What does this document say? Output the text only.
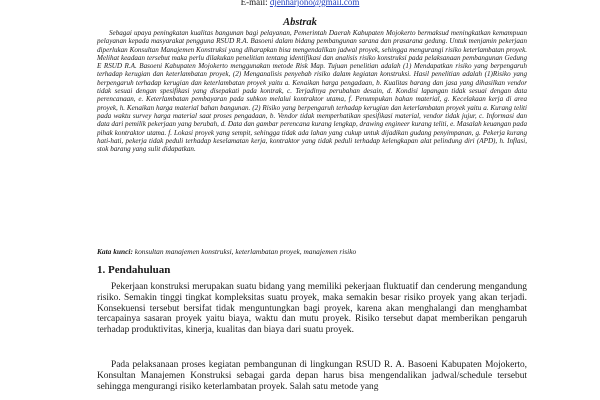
E-mail: djenharjono@gmail.com
Abstrak
Sebagai upaya peningkatan kualitas bangunan bagi pelayanan, Pemerintah Daerah Kabupaten Mojokerto bermaksud meningkatkan kemampuan pelayanan kepada masyarakat pengguna RSUD R.A. Basoeni dalam bidang pembangunan sarana dan prasarana gedung. Untuk menjamin pekerjaan diperlukan Konsultan Manajemen Konstruksi yang diharapkan bisa mengendalikan jadwal proyek, sehingga mengurangi risiko keterlambatan proyek. Melihat keadaan tersebut maka perlu dilakukan penelitian tentang identifikasi dan analisis risiko konstruksi pada pelaksanaan pembangunan Gedung E RSUD R.A. Basoeni Kabupaten Mojokerto menggunakan metode Risk Map. Tujuan penelitian adalah (1) Mendapatkan risiko yang berpengaruh terhadap kerugian dan keterlambatan proyek, (2) Menganalisis penyebab risiko dalam kegiatan konstruksi. Hasil penelitian adalah (1)Risiko yang berpengaruh terhadap kerugian dan keterlambatan proyek yaitu a. Kenaikan harga pengadaan, b. Kualitas barang dan jasa yang dihasilkan vendor tidak sesuai dengan spesifikasi yang disepakati pada kontrak, c. Terjadinya perubahan desain, d. Kondisi lapangan tidak sesuai dengan data perencanaan, e. Keterlambatan pembayaran pada subkon melalui kontraktor utama, f. Penumpukan bahan material, g. Kecelakaan kerja di area proyek, h. Kenaikan harga material bahan bangunan. (2) Risiko yang berpengaruh terhadap kerugian dan keterlambatan proyek yaitu a. Kurang teliti pada waktu survey harga material saat proses pengadaan, b. Vendor tidak memperhatikan spesifikasi material, vendor tidak jujur, c. Informasi dan data dari pemilik pekerjaan yang berubah, d. Data dan gambar perencana kurang lengkap, drawing engineer kurang teliti, e. Masalah keuangan pada pihak kontraktor utama. f. Lokasi proyek yang sempit, sehingga tidak ada lahan yang cukup untuk dijadikan gudang penyimpanan, g. Pekerja kurang hati-hati, pekerja tidak peduli terhadap keselamatan kerja, kontraktor yang tidak peduli terhadap kelengkapan alat pelindung diri (APD), h. Inflasi, stok barang yang sulit didapatkan.
Kata kunci: konsultan manajemen konstruksi, keterlambatan proyek, manajemen risiko
1. Pendahuluan
Pekerjaan konstruksi merupakan suatu bidang yang memiliki pekerjaan fluktuatif dan cenderung mengandung risiko. Semakin tinggi tingkat kompleksitas suatu proyek, maka semakin besar risiko proyek yang akan terjadi. Konsekuensi tersebut bersifat tidak menguntungkan bagi proyek, karena akan menghalangi dan menghambat tercapainya sasaran proyek yaitu biaya, waktu dan mutu proyek. Risiko tersebut dapat memberikan pengaruh terhadap produktivitas, kinerja, kualitas dan biaya dari suatu proyek.
Pada pelaksanaan proses kegiatan pembangunan di lingkungan RSUD R. A. Basoeni Kabupaten Mojokerto, Konsultan Manajemen Konstruksi sebagai garda depan harus bisa mengendalikan jadwal/schedule tersebut sehingga mengurangi risiko keterlambatan proyek. Salah satu metode yang
